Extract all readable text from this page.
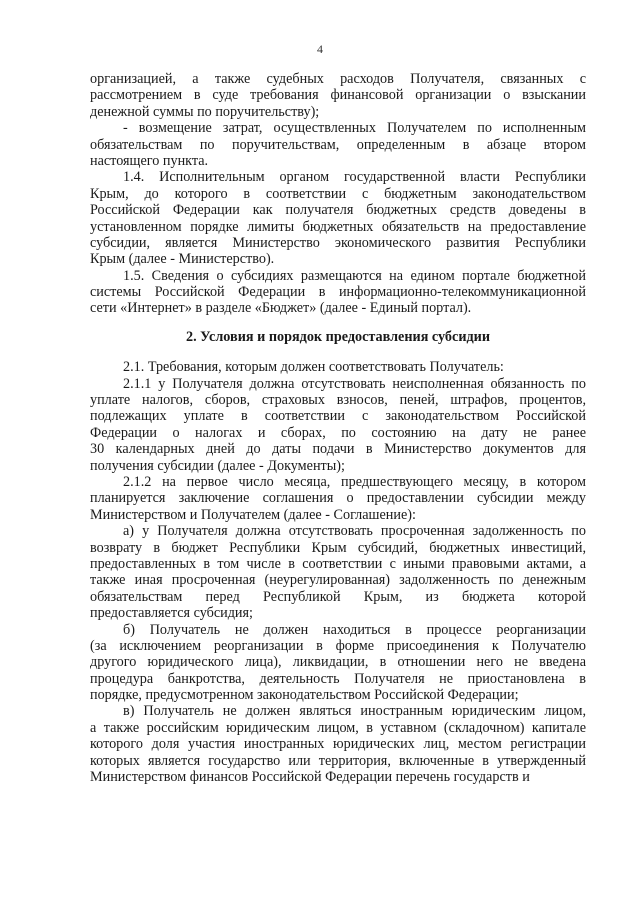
4
организацией, а также судебных расходов Получателя, связанных с
рассмотрением в суде требования финансовой организации о взыскании
денежной суммы по поручительству);
- возмещение затрат, осуществленных Получателем по исполненным
обязательствам по поручительствам, определенным в абзаце втором
настоящего пункта.
1.4. Исполнительным органом государственной власти Республики
Крым, до которого в соответствии с бюджетным законодательством
Российской Федерации как получателя бюджетных средств доведены в
установленном порядке лимиты бюджетных обязательств на предоставление
субсидии, является Министерство экономического развития Республики
Крым (далее - Министерство).
1.5. Сведения о субсидиях размещаются на едином портале бюджетной
системы Российской Федерации в информационно-телекоммуникационной
сети «Интернет» в разделе «Бюджет» (далее - Единый портал).
2. Условия и порядок предоставления субсидии
2.1. Требования, которым должен соответствовать Получатель:
2.1.1 у Получателя должна отсутствовать неисполненная обязанность по
уплате налогов, сборов, страховых взносов, пеней, штрафов, процентов,
подлежащих уплате в соответствии с законодательством Российской
Федерации о налогах и сборах, по состоянию на дату не ранее
30 календарных дней до даты подачи в Министерство документов для
получения субсидии (далее - Документы);
2.1.2 на первое число месяца, предшествующего месяцу, в котором
планируется заключение соглашения о предоставлении субсидии между
Министерством и Получателем (далее - Соглашение):
а) у Получателя должна отсутствовать просроченная задолженность по
возврату в бюджет Республики Крым субсидий, бюджетных инвестиций,
предоставленных в том числе в соответствии с иными правовыми актами, а
также иная просроченная (неурегулированная) задолженность по денежным
обязательствам перед Республикой Крым, из бюджета которой
предоставляется субсидия;
б) Получатель не должен находиться в процессе реорганизации
(за исключением реорганизации в форме присоединения к Получателю
другого юридического лица), ликвидации, в отношении него не введена
процедура банкротства, деятельность Получателя не приостановлена в
порядке, предусмотренном законодательством Российской Федерации;
в) Получатель не должен являться иностранным юридическим лицом,
а также российским юридическим лицом, в уставном (складочном) капитале
которого доля участия иностранных юридических лиц, местом регистрации
которых является государство или территория, включенные в утвержденный
Министерством финансов Российской Федерации перечень государств и
